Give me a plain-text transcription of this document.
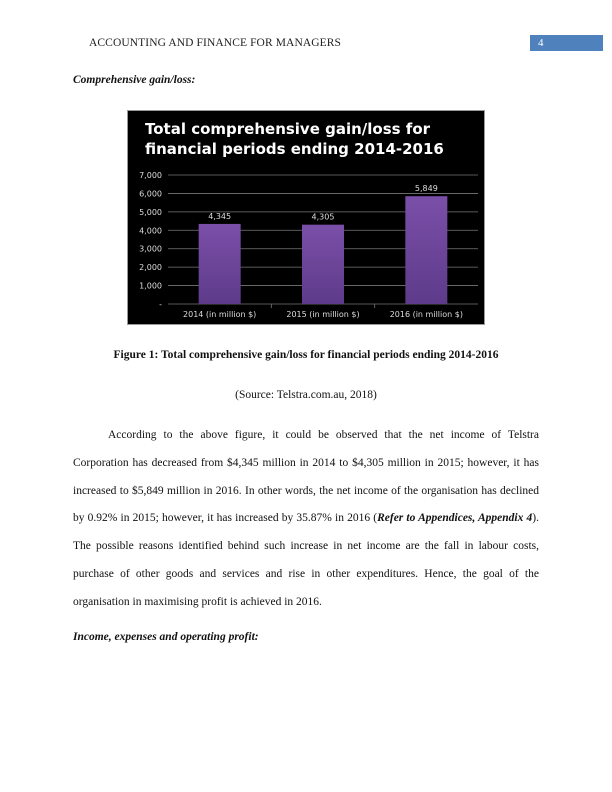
ACCOUNTING AND FINANCE FOR MANAGERS	4
Comprehensive gain/loss:
Total comprehensive gain/loss for financial periods ending 2014-2016
-
1,000
2,000
3,000
4,000
5,000
6,000
7,000
4,345
2014 (in million $)
4,305
2015 (in million $)
5,849
2016 (in million $)
Figure 1: Total comprehensive gain/loss for financial periods ending 2014-2016
(Source: Telstra.com.au, 2018)

According to the above figure, it could be observed that the net income of Telstra Corporation has decreased from $4,345 million in 2014 to $4,305 million in 2015; however, it has increased to $5,849 million in 2016. In other words, the net income of the organisation has declined by 0.92% in 2015; however, it has increased by 35.87% in 2016 (Refer to Appendices, Appendix 4). The possible reasons identified behind such increase in net income are the fall in labour costs, purchase of other goods and services and rise in other expenditures. Hence, the goal of the organisation in maximising profit is achieved in 2016.

Income, expenses and operating profit:
